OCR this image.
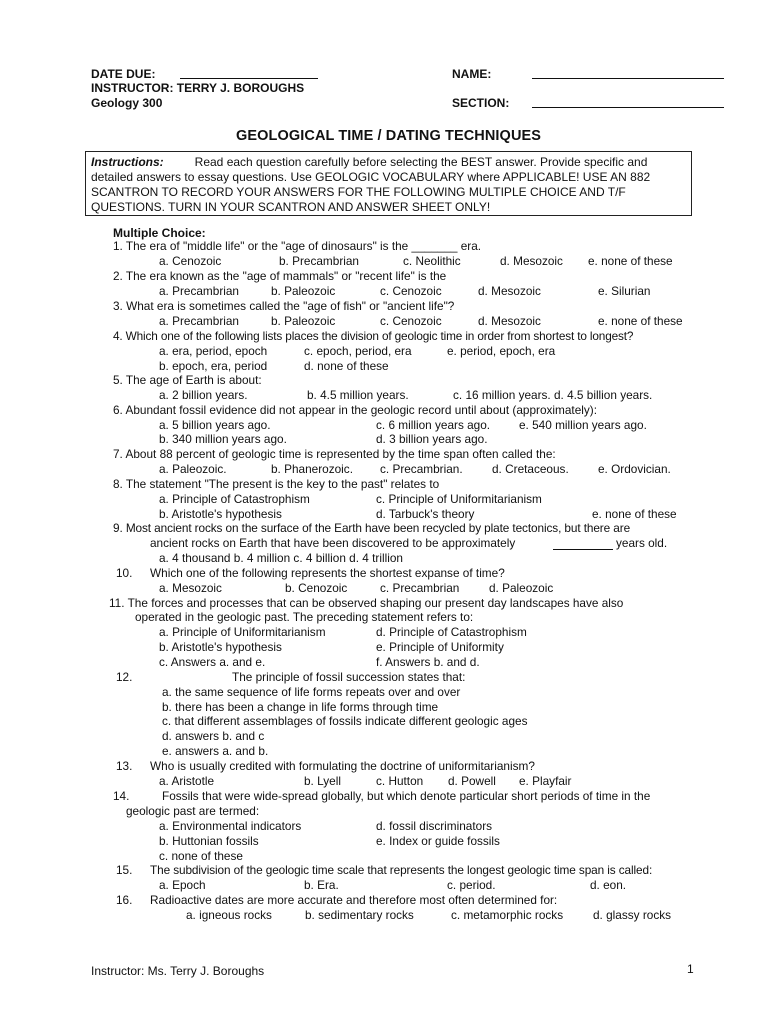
DATE DUE:
INSTRUCTOR: TERRY J. BOROUGHS
Geology 300
NAME:
SECTION:
GEOLOGICAL TIME / DATING TECHNIQUES
Instructions:	Read each question carefully before selecting the BEST answer. Provide specific and
detailed answers to essay questions. Use GEOLOGIC VOCABULARY where APPLICABLE! USE AN 882
SCANTRON TO RECORD YOUR ANSWERS FOR THE FOLLOWING MULTIPLE CHOICE AND T/F
QUESTIONS. TURN IN YOUR SCANTRON AND ANSWER SHEET ONLY!
Multiple Choice:
1. The era of "middle life" or the "age of dinosaurs" is the _______ era.
a. Cenozoic	b. Precambrian	c. Neolithic	d. Mesozoic e. none of these
2. The era known as the "age of mammals" or "recent life" is the
a. Precambrian	b. Paleozoic	c. Cenozoic	d. Mesozoic	e. Silurian
3. What era is sometimes called the "age of fish" or "ancient life"?
a. Precambrian	b. Paleozoic	c. Cenozoic	d. Mesozoic	e. none of these
4. Which one of the following lists places the division of geologic time in order from shortest to longest?
a. era, period, epoch	c. epoch, period, era	e. period, epoch, era
b. epoch, era, period	d. none of these
5. The age of Earth is about:
a. 2 billion years.	b. 4.5 million years.	c. 16 million years. d. 4.5 billion years.
6. Abundant fossil evidence did not appear in the geologic record until about (approximately):
a. 5 billion years ago.	c. 6 million years ago. e. 540 million years ago.
b. 340 million years ago.	d. 3 billion years ago.
7. About 88 percent of geologic time is represented by the time span often called the:
a. Paleozoic.	b. Phanerozoic. c. Precambrian. d. Cretaceous. e. Ordovician.
8. The statement "The present is the key to the past" relates to
a. Principle of Catastrophism	c. Principle of Uniformitarianism
b. Aristotle's hypothesis	d. Tarbuck's theory	e. none of these
9. Most ancient rocks on the surface of the Earth have been recycled by plate tectonics, but there are
ancient rocks on Earth that have been discovered to be approximately	years old.
a. 4 thousand b. 4 million c. 4 billion d. 4 trillion
10. Which one of the following represents the shortest expanse of time?
a. Mesozoic	b. Cenozoic	c. Precambrian	d. Paleozoic
11. The forces and processes that can be observed shaping our present day landscapes have also
operated in the geologic past. The preceding statement refers to:
a. Principle of Uniformitarianism	d. Principle of Catastrophism
b. Aristotle's hypothesis	e. Principle of Uniformity
c. Answers a. and e.	f. Answers b. and d.
12.	The principle of fossil succession states that:
a. the same sequence of life forms repeats over and over
b. there has been a change in life forms through time
c. that different assemblages of fossils indicate different geologic ages
d. answers b. and c
e. answers a. and b.
13. Who is usually credited with formulating the doctrine of uniformitarianism?
a. Aristotle	b. Lyell	c. Hutton d. Powell e. Playfair
14.	Fossils that were wide-spread globally, but which denote particular short periods of time in the
geologic past are termed:
a. Environmental indicators	d. fossil discriminators
b. Huttonian fossils	e. Index or guide fossils
c. none of these
15. The subdivision of the geologic time scale that represents the longest geologic time span is called:
a. Epoch	b. Era.	c. period.	d. eon.
16. Radioactive dates are more accurate and therefore most often determined for:
a. igneous rocks	b. sedimentary rocks	c. metamorphic rocks	d. glassy rocks
Instructor: Ms. Terry J. Boroughs	1
